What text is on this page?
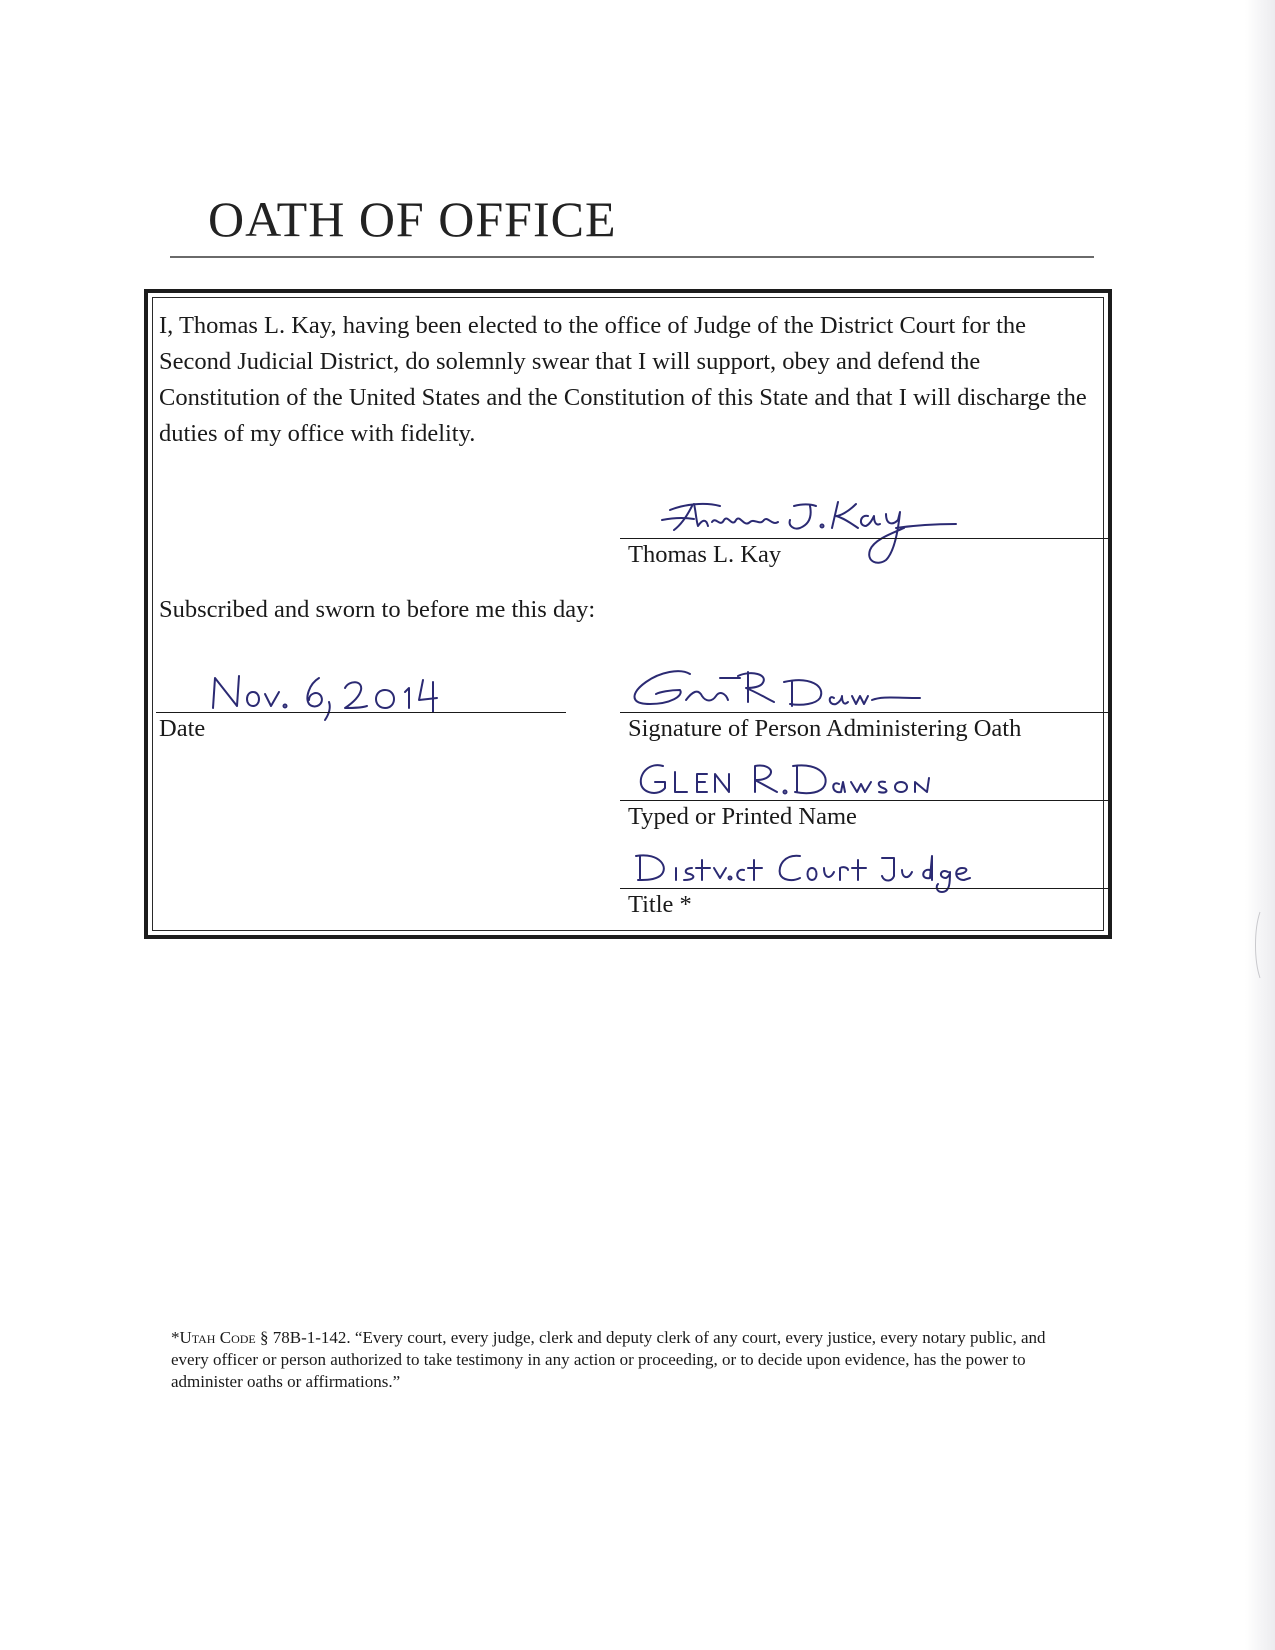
OATH OF OFFICE

I, Thomas L. Kay, having been elected to the office of Judge of the District Court for the Second Judicial District, do solemnly swear that I will support, obey and defend the Constitution of the United States and the Constitution of this State and that I will discharge the duties of my office with fidelity.

Thomas L. Kay
Subscribed and sworn to before me this day:
Date	Signature of Person Administering Oath
Typed or Printed Name
Title *

*Utah Code § 78B-1-142. “Every court, every judge, clerk and deputy clerk of any court, every justice, every notary public, and every officer or person authorized to take testimony in any action or proceeding, or to decide upon evidence, has the power to administer oaths or affirmations.”
